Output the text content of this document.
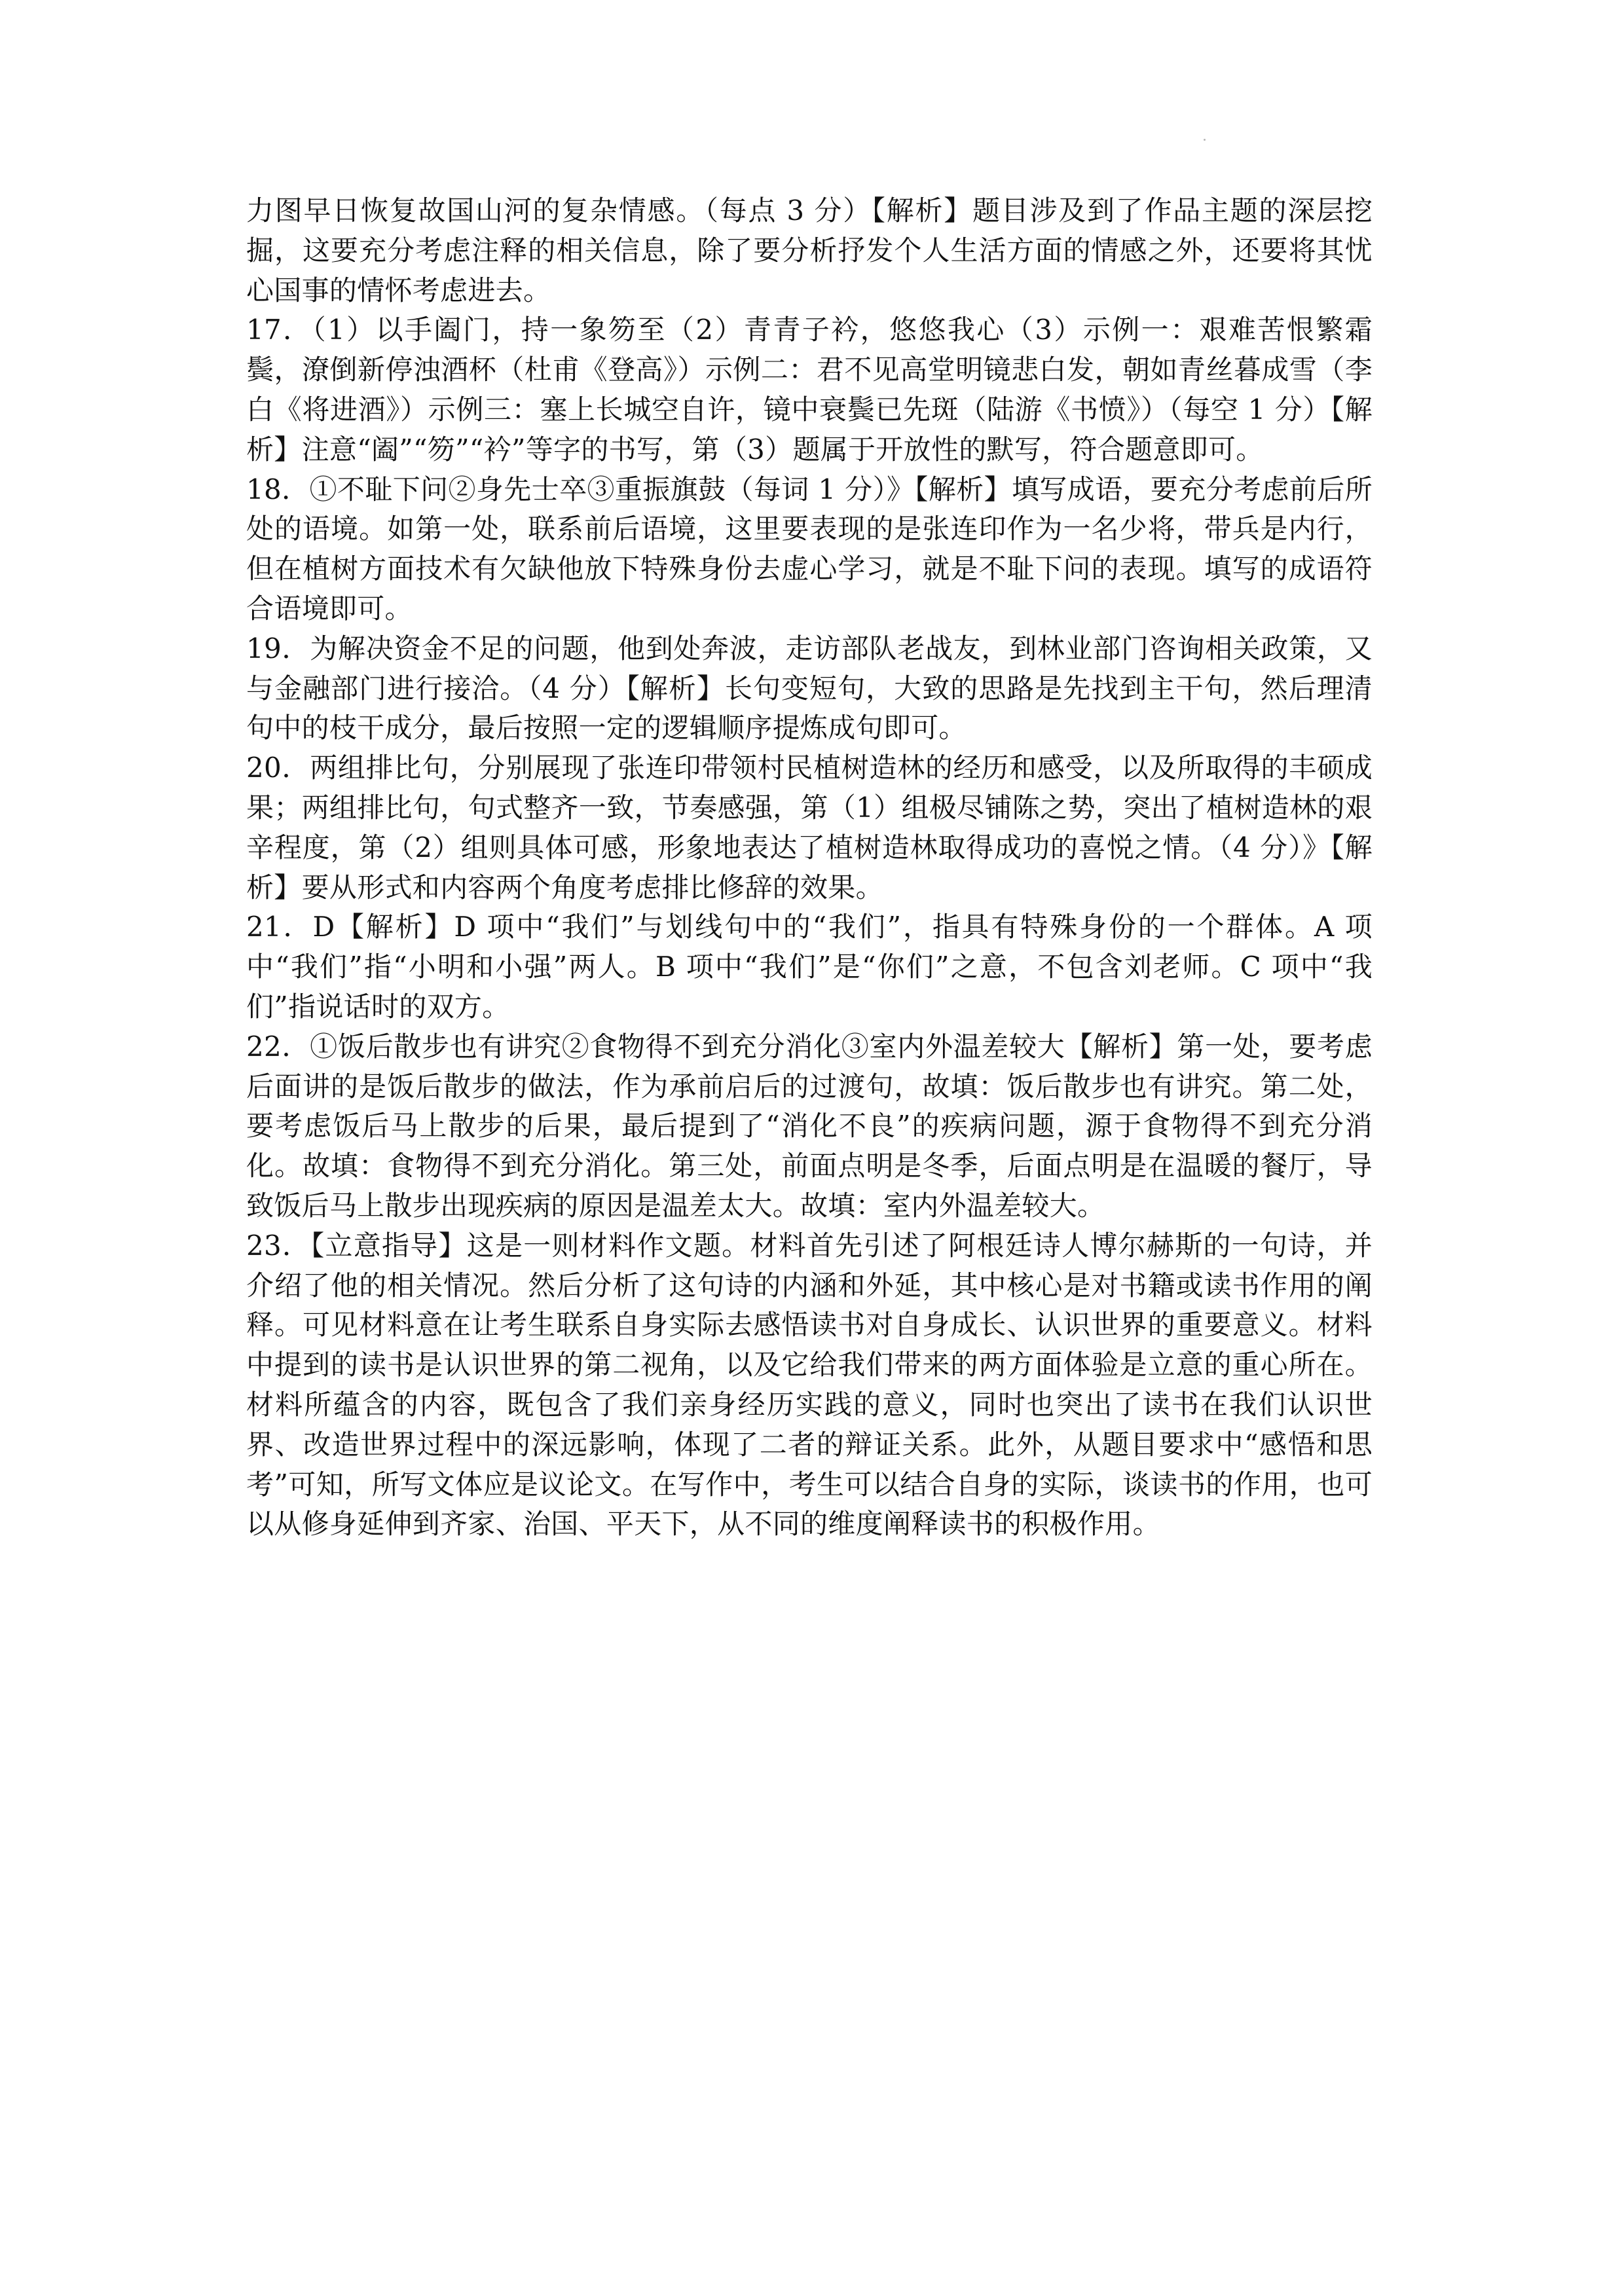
力图早日恢复故国山河的复杂情感。（每点 3 分）【解析】题目涉及到了作品主题的深层挖掘，这要充分考虑注释的相关信息，除了要分析抒发个人生活方面的情感之外，还要将其忧心国事的情怀考虑进去。

17．（1）以手阖门，持一象笏至（2）青青子衿，悠悠我心（3）示例一：艰难苦恨繁霜鬓，潦倒新停浊酒杯（杜甫《登高》）示例二：君不见高堂明镜悲白发，朝如青丝暮成雪（李白《将进酒》）示例三：塞上长城空自许，镜中衰鬓已先斑（陆游《书愤》）（每空 1 分）【解析】注意“阖”“笏”“衿”等字的书写，第（3）题属于开放性的默写，符合题意即可。

18．①不耻下问②身先士卒③重振旗鼓（每词 1 分）》【解析】填写成语，要充分考虑前后所处的语境。如第一处，联系前后语境，这里要表现的是张连印作为一名少将，带兵是内行，但在植树方面技术有欠缺他放下特殊身份去虚心学习，就是不耻下问的表现。填写的成语符合语境即可。

19．为解决资金不足的问题，他到处奔波，走访部队老战友，到林业部门咨询相关政策，又与金融部门进行接洽。（4 分）【解析】长句变短句，大致的思路是先找到主干句，然后理清句中的枝干成分，最后按照一定的逻辑顺序提炼成句即可。

20．两组排比句，分别展现了张连印带领村民植树造林的经历和感受，以及所取得的丰硕成果；两组排比句，句式整齐一致，节奏感强，第（1）组极尽铺陈之势，突出了植树造林的艰辛程度，第（2）组则具体可感，形象地表达了植树造林取得成功的喜悦之情。（4 分）》【解析】要从形式和内容两个角度考虑排比修辞的效果。

21．D【解析】D 项中“我们”与划线句中的“我们”，指具有特殊身份的一个群体。A 项中“我们”指“小明和小强”两人。B 项中“我们”是“你们”之意，不包含刘老师。C 项中“我们”指说话时的双方。

22．①饭后散步也有讲究②食物得不到充分消化③室内外温差较大【解析】第一处，要考虑后面讲的是饭后散步的做法，作为承前启后的过渡句，故填：饭后散步也有讲究。第二处，要考虑饭后马上散步的后果，最后提到了“消化不良”的疾病问题，源于食物得不到充分消化。故填：食物得不到充分消化。第三处，前面点明是冬季，后面点明是在温暖的餐厅，导致饭后马上散步出现疾病的原因是温差太大。故填：室内外温差较大。

23．【立意指导】这是一则材料作文题。材料首先引述了阿根廷诗人博尔赫斯的一句诗，并介绍了他的相关情况。然后分析了这句诗的内涵和外延，其中核心是对书籍或读书作用的阐释。可见材料意在让考生联系自身实际去感悟读书对自身成长、认识世界的重要意义。材料中提到的读书是认识世界的第二视角，以及它给我们带来的两方面体验是立意的重心所在。材料所蕴含的内容，既包含了我们亲身经历实践的意义，同时也突出了读书在我们认识世界、改造世界过程中的深远影响，体现了二者的辩证关系。此外，从题目要求中“感悟和思考”可知，所写文体应是议论文。在写作中，考生可以结合自身的实际，谈读书的作用，也可以从修身延伸到齐家、治国、平天下，从不同的维度阐释读书的积极作用。
